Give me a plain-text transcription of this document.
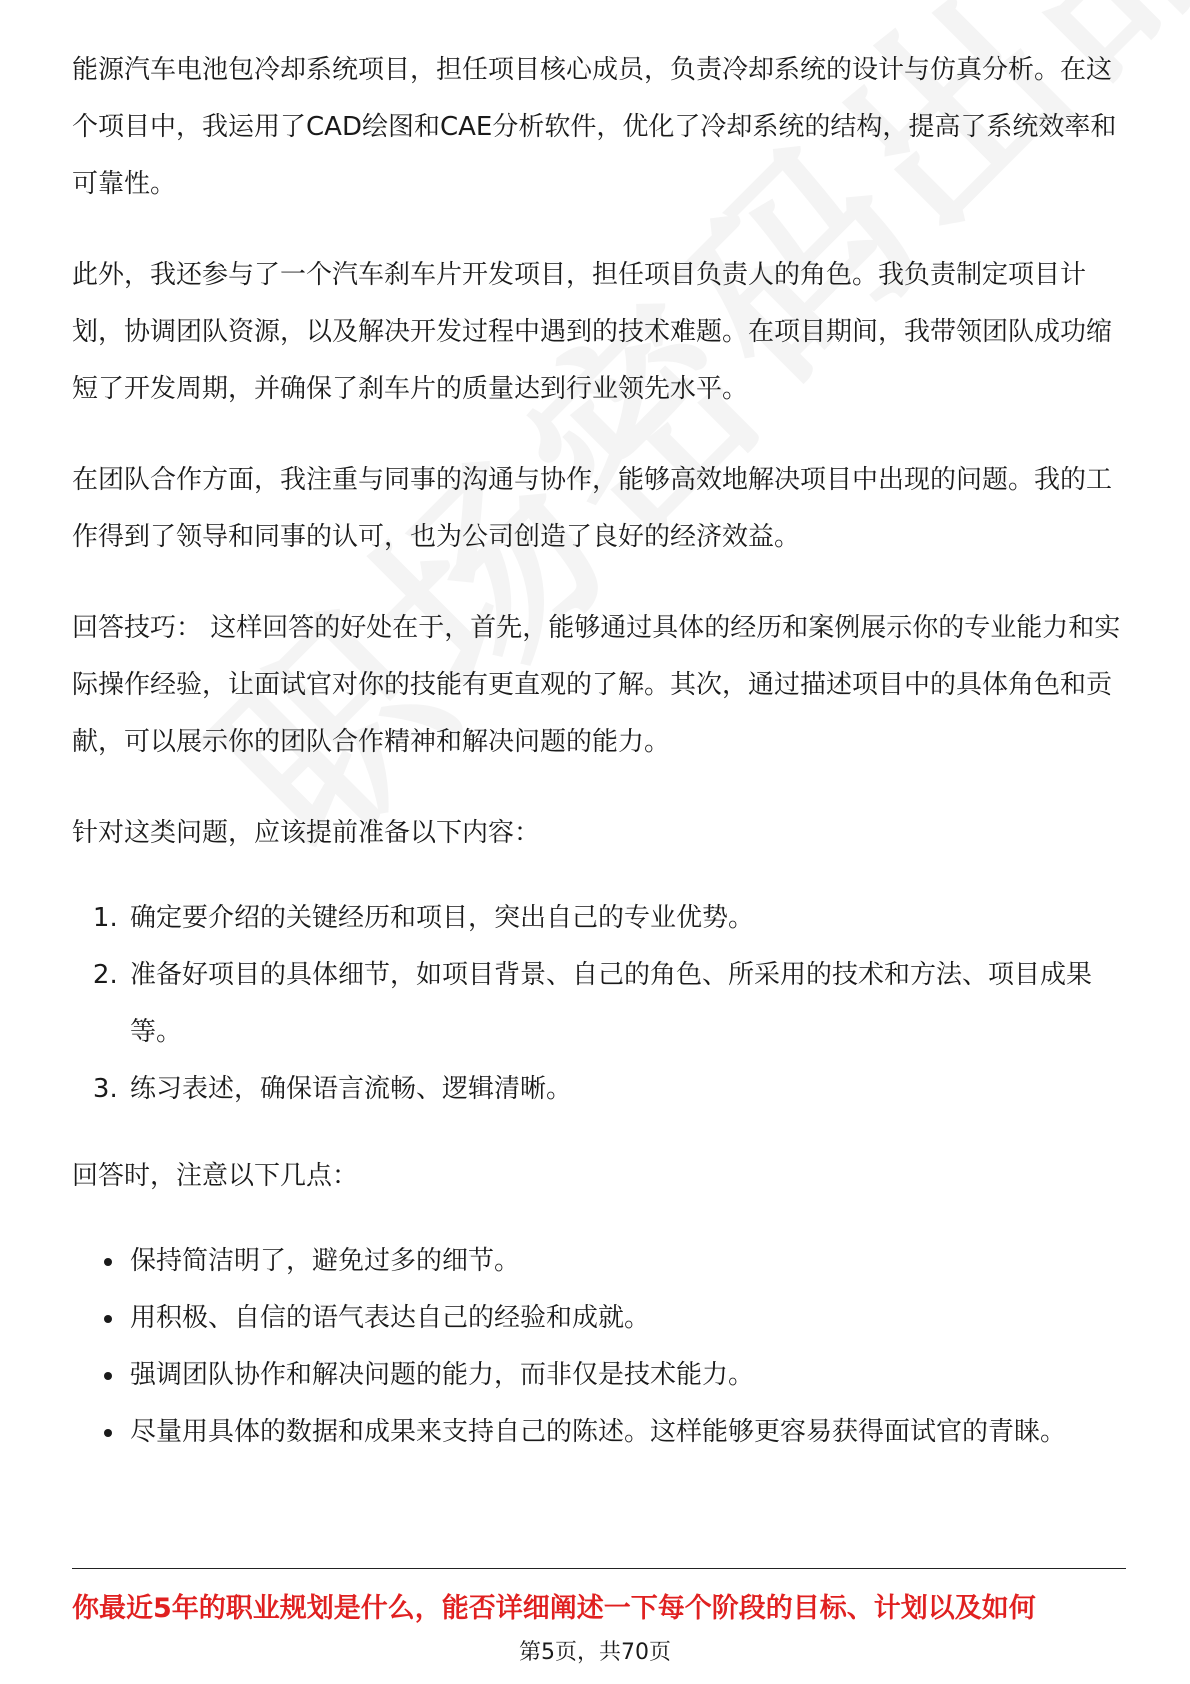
能源汽车电池包冷却系统项目，担任项目核心成员，负责冷却系统的设计与仿真分析。在这个项目中，我运用了CAD绘图和CAE分析软件，优化了冷却系统的结构，提高了系统效率和可靠性。

此外，我还参与了一个汽车刹车片开发项目，担任项目负责人的角色。我负责制定项目计划，协调团队资源，以及解决开发过程中遇到的技术难题。在项目期间，我带领团队成功缩短了开发周期，并确保了刹车片的质量达到行业领先水平。

在团队合作方面，我注重与同事的沟通与协作，能够高效地解决项目中出现的问题。我的工作得到了领导和同事的认可，也为公司创造了良好的经济效益。

回答技巧： 这样回答的好处在于，首先，能够通过具体的经历和案例展示你的专业能力和实际操作经验，让面试官对你的技能有更直观的了解。其次，通过描述项目中的具体角色和贡献，可以展示你的团队合作精神和解决问题的能力。

针对这类问题，应该提前准备以下内容：

1. 确定要介绍的关键经历和项目，突出自己的专业优势。
2. 准备好项目的具体细节，如项目背景、自己的角色、所采用的技术和方法、项目成果等。
3. 练习表述，确保语言流畅、逻辑清晰。

回答时，注意以下几点：

• 保持简洁明了，避免过多的细节。
• 用积极、自信的语气表达自己的经验和成就。
• 强调团队协作和解决问题的能力，而非仅是技术能力。
• 尽量用具体的数据和成果来支持自己的陈述。这样能够更容易获得面试官的青睐。
你最近5年的职业规划是什么，能否详细阐述一下每个阶段的目标、计划以及如何
第5页，共70页
